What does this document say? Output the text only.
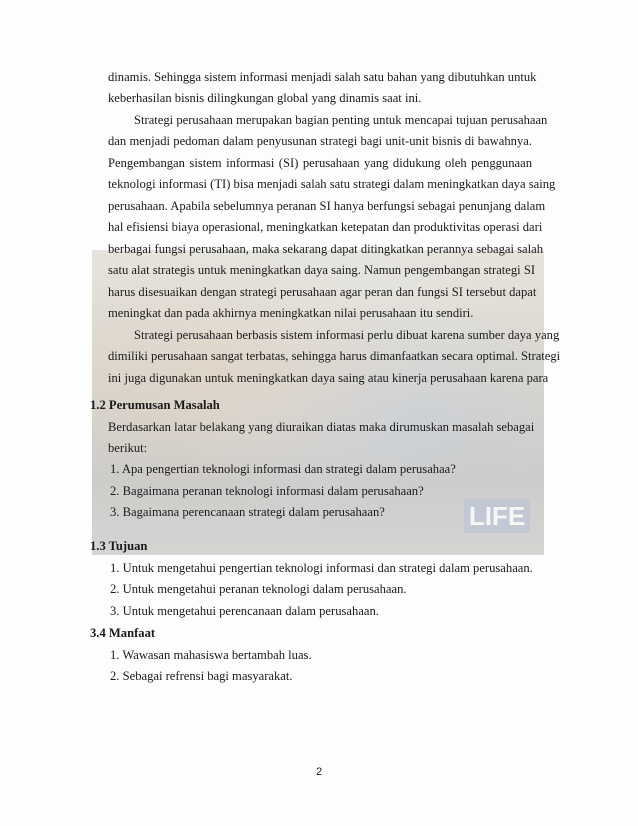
LIFE
dinamis. Sehingga sistem informasi menjadi salah satu bahan yang dibutuhkan untuk
keberhasilan bisnis dilingkungan global yang dinamis saat ini.
Strategi perusahaan merupakan bagian penting untuk mencapai tujuan perusahaan
dan menjadi pedoman dalam penyusunan strategi bagi unit-unit bisnis di bawahnya.
Pengembangan sistem informasi (SI) perusahaan yang didukung oleh penggunaan
teknologi informasi (TI) bisa menjadi salah satu strategi dalam meningkatkan daya saing
perusahaan. Apabila sebelumnya peranan SI hanya berfungsi sebagai penunjang dalam
hal efisiensi biaya operasional, meningkatkan ketepatan dan produktivitas operasi dari
berbagai fungsi perusahaan, maka sekarang dapat ditingkatkan perannya sebagai salah
satu alat strategis untuk meningkatkan daya saing. Namun pengembangan strategi SI
harus disesuaikan dengan strategi perusahaan agar peran dan fungsi SI tersebut dapat
meningkat dan pada akhirnya meningkatkan nilai perusahaan itu sendiri.
Strategi perusahaan berbasis sistem informasi perlu dibuat karena sumber daya yang
dimiliki perusahaan sangat terbatas, sehingga harus dimanfaatkan secara optimal. Strategi
ini juga digunakan untuk meningkatkan daya saing atau kinerja perusahaan karena para
1.2 Perumusan Masalah
Berdasarkan latar belakang yang diuraikan diatas maka dirumuskan masalah sebagai
berikut:
1. Apa pengertian teknologi informasi dan strategi dalam perusahaa?
2. Bagaimana peranan teknologi informasi dalam perusahaan?
3. Bagaimana perencanaan strategi dalam perusahaan?
1.3 Tujuan
1. Untuk mengetahui pengertian teknologi informasi dan strategi dalam perusahaan.
2. Untuk mengetahui peranan teknologi dalam perusahaan.
3. Untuk mengetahui perencanaan dalam perusahaan.
3.4 Manfaat
1. Wawasan mahasiswa bertambah luas.
2. Sebagai refrensi bagi masyarakat.
2
